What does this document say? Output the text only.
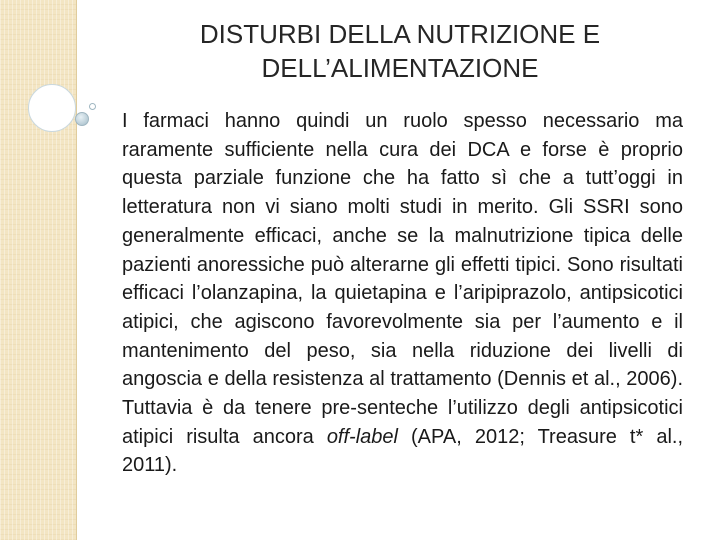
DISTURBI DELLA NUTRIZIONE E
DELL’ALIMENTAZIONE

I farmaci hanno quindi un ruolo spesso necessario ma raramente sufficiente nella cura dei DCA e forse è proprio questa parziale funzione che ha fatto sì che a tutt’oggi in letteratura non vi siano molti studi in merito. Gli SSRI sono generalmente efficaci, anche se la malnutrizione tipica delle pazienti anoressiche può alterarne gli effetti tipici. Sono risultati efficaci l’olanzapina, la quietapina e l’aripiprazolo, antipsicotici atipici, che agiscono favorevolmente sia per l’aumento e il mantenimento del peso, sia nella riduzione dei livelli di angoscia e della resistenza al trattamento (Dennis et al., 2006). Tuttavia è da tenere pre-senteche l’utilizzo degli antipsicotici atipici risulta ancora off-label (APA, 2012; Treasure t* al., 2011).
